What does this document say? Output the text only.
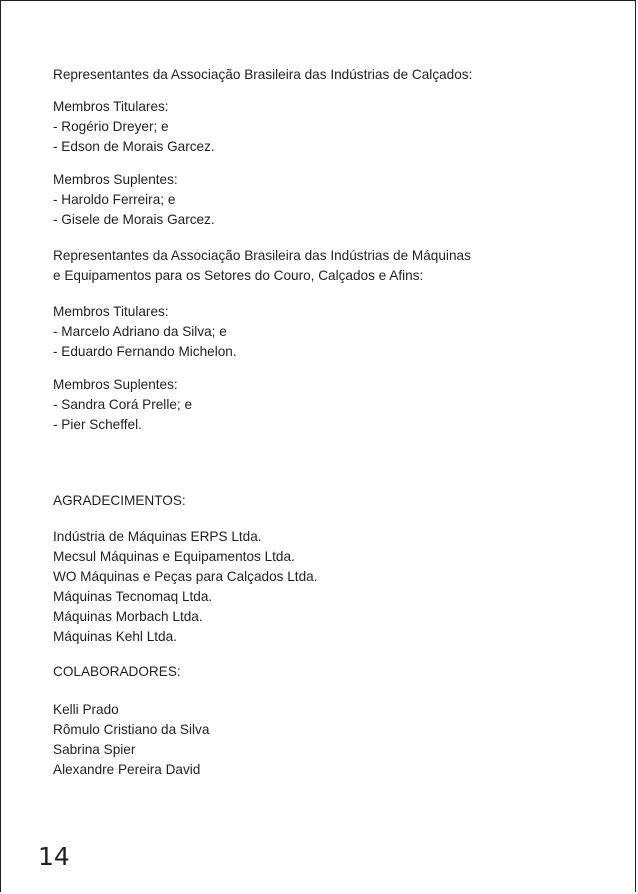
Representantes da Associação Brasileira das Indústrias de Calçados:
Membros Titulares:
- Rogério Dreyer; e
- Edson de Morais Garcez.
Membros Suplentes:
- Haroldo Ferreira; e
- Gisele de Morais Garcez.
Representantes da Associação Brasileira das Indústrias de Máquinas
e Equipamentos para os Setores do Couro, Calçados e Afins:
Membros Titulares:
- Marcelo Adriano da Silva; e
- Eduardo Fernando Michelon.
Membros Suplentes:
- Sandra Corá Prelle; e
- Pier Scheffel.
AGRADECIMENTOS:
Indústria de Máquinas ERPS Ltda.
Mecsul Máquinas e Equipamentos Ltda.
WO Máquinas e Peças para Calçados Ltda.
Máquinas Tecnomaq Ltda.
Máquinas Morbach Ltda.
Máquinas Kehl Ltda.
COLABORADORES:
Kelli Prado
Rômulo Cristiano da Silva
Sabrina Spier
Alexandre Pereira David
14
